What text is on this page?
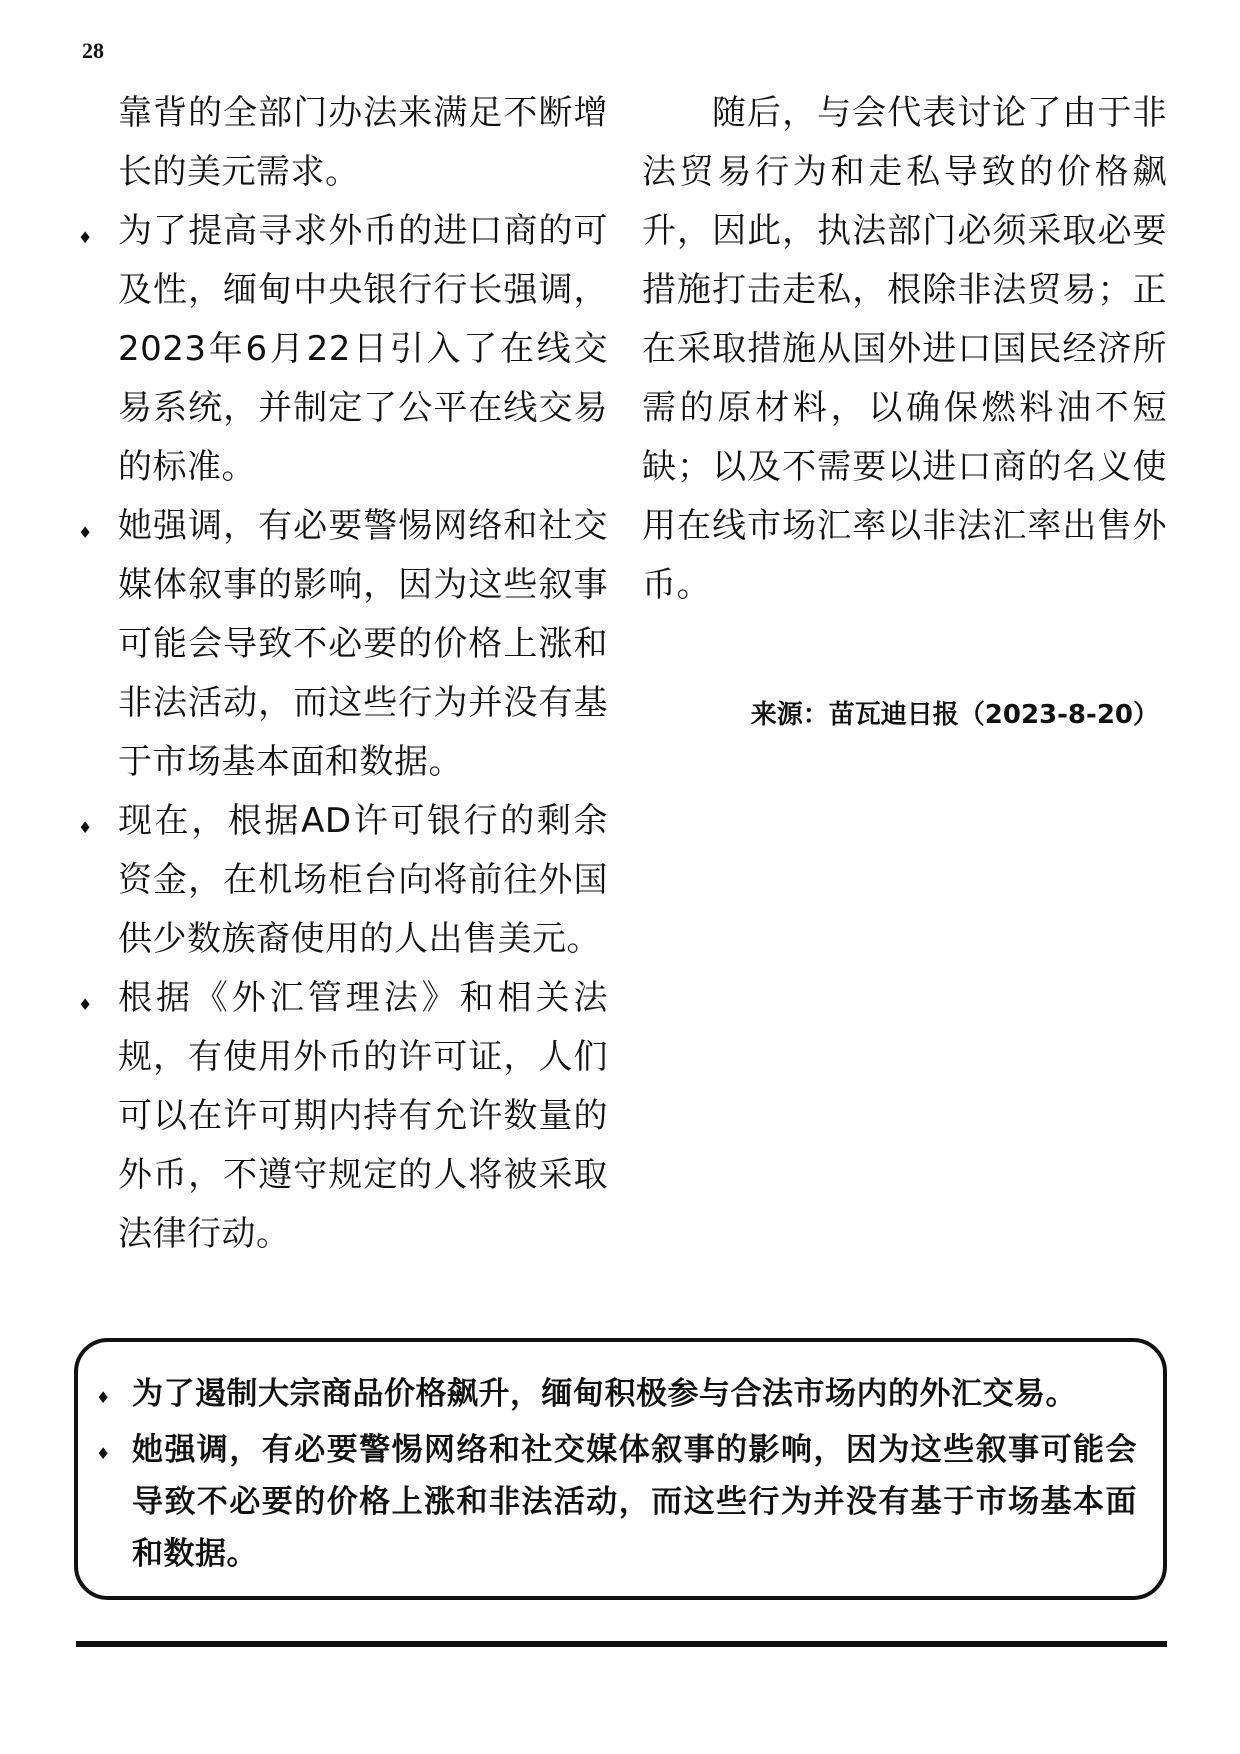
28

靠背的全部门办法来满足不断增长的美元需求。

♦ 为了提高寻求外币的进口商的可及性，缅甸中央银行行长强调，2023年6月22日引入了在线交易系统，并制定了公平在线交易的标准。

♦ 她强调，有必要警惕网络和社交媒体叙事的影响，因为这些叙事可能会导致不必要的价格上涨和非法活动，而这些行为并没有基于市场基本面和数据。

♦ 现在，根据AD许可银行的剩余资金，在机场柜台向将前往外国供少数族裔使用的人出售美元。

♦ 根据《外汇管理法》和相关法规，有使用外币的许可证，人们可以在许可期内持有允许数量的外币，不遵守规定的人将被采取法律行动。

随后，与会代表讨论了由于非法贸易行为和走私导致的价格飙升，因此，执法部门必须采取必要措施打击走私，根除非法贸易；正在采取措施从国外进口国民经济所需的原材料，以确保燃料油不短缺；以及不需要以进口商的名义使用在线市场汇率以非法汇率出售外币。

来源：苗瓦迪日报（2023-8-20）
♦ 为了遏制大宗商品价格飙升，缅甸积极参与合法市场内的外汇交易。

♦ 她强调，有必要警惕网络和社交媒体叙事的影响，因为这些叙事可能会导致不必要的价格上涨和非法活动，而这些行为并没有基于市场基本面和数据。
